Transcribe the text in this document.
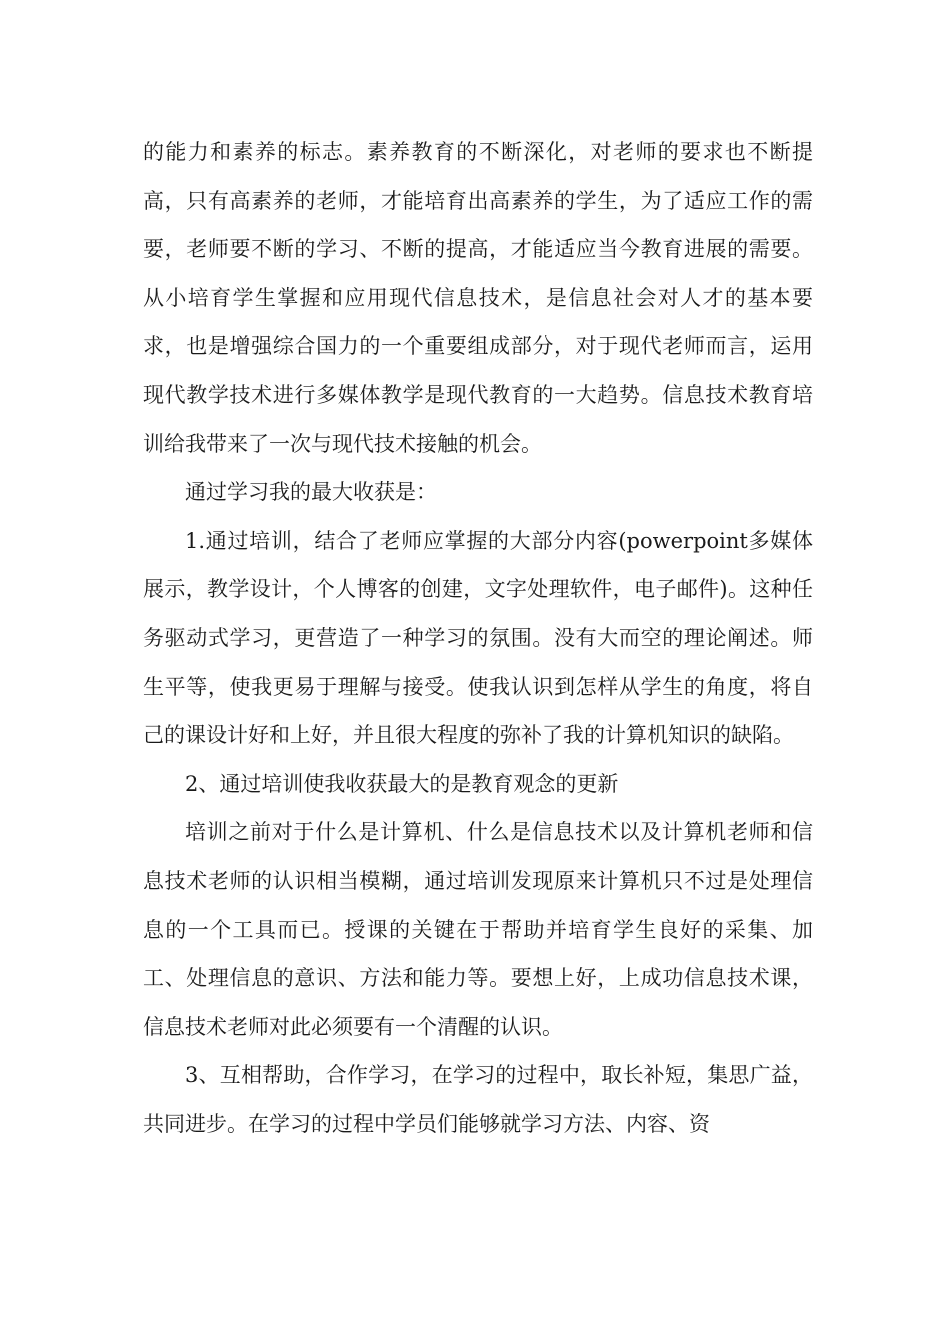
的能力和素养的标志。素养教育的不断深化，对老师的要求也不断提高，只有高素养的老师，才能培育出高素养的学生，为了适应工作的需要，老师要不断的学习、不断的提高，才能适应当今教育进展的需要。从小培育学生掌握和应用现代信息技术，是信息社会对人才的基本要求，也是增强综合国力的一个重要组成部分，对于现代老师而言，运用现代教学技术进行多媒体教学是现代教育的一大趋势。信息技术教育培训给我带来了一次与现代技术接触的机会。

通过学习我的最大收获是：

1.通过培训，结合了老师应掌握的大部分内容(powerpoint多媒体展示，教学设计，个人博客的创建，文字处理软件，电子邮件)。这种任务驱动式学习，更营造了一种学习的氛围。没有大而空的理论阐述。师生平等，使我更易于理解与接受。使我认识到怎样从学生的角度，将自己的课设计好和上好，并且很大程度的弥补了我的计算机知识的缺陷。

2、通过培训使我收获最大的是教育观念的更新

培训之前对于什么是计算机、什么是信息技术以及计算机老师和信息技术老师的认识相当模糊，通过培训发现原来计算机只不过是处理信息的一个工具而已。授课的关键在于帮助并培育学生良好的采集、加工、处理信息的意识、方法和能力等。要想上好，上成功信息技术课，信息技术老师对此必须要有一个清醒的认识。

3、互相帮助，合作学习，在学习的过程中，取长补短，集思广益，共同进步。在学习的过程中学员们能够就学习方法、内容、资
